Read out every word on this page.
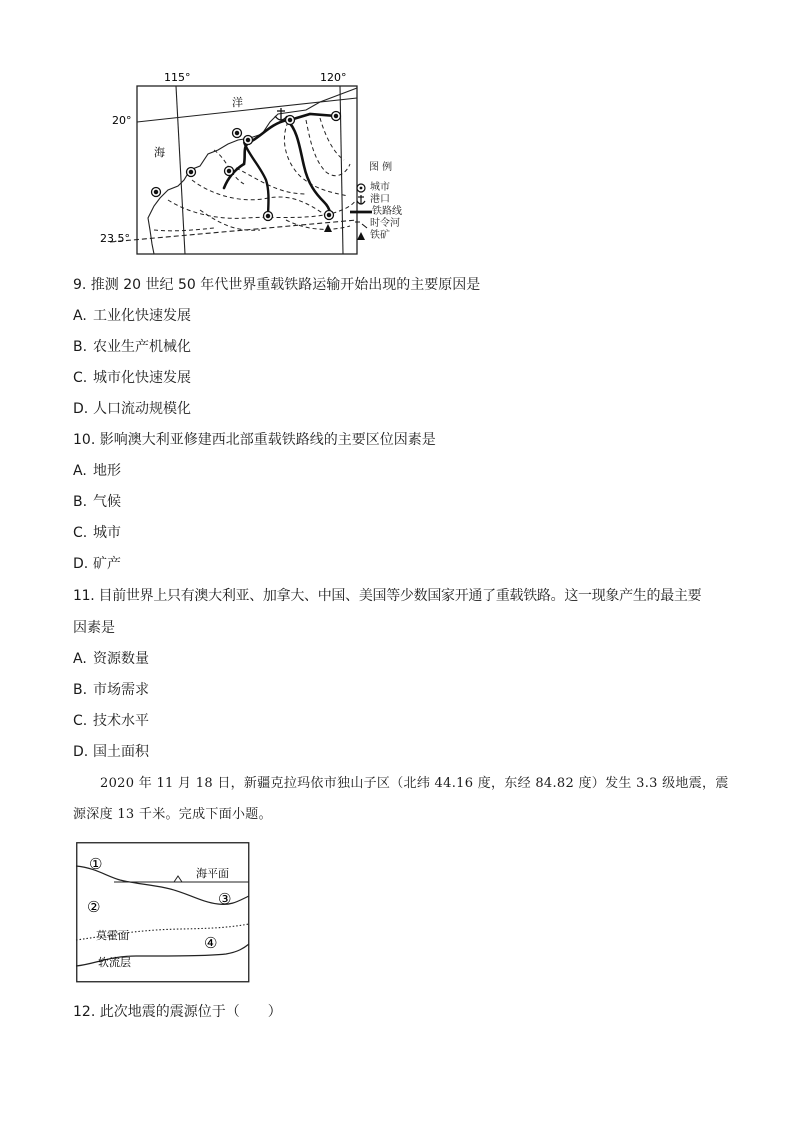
115°	120°
20°
23.5°
洋
海
图 例
城市
港口
铁路线
时令河
铁矿
9. 推测 20 世纪 50 年代世界重载铁路运输开始出现的主要原因是
A. 工业化快速发展
B. 农业生产机械化
C. 城市化快速发展
D. 人口流动规模化
10. 影响澳大利亚修建西北部重载铁路线的主要区位因素是
A. 地形
B. 气候
C. 城市
D. 矿产
11. 目前世界上只有澳大利亚、加拿大、中国、美国等少数国家开通了重载铁路。这一现象产生的最主要
因素是
A. 资源数量
B. 市场需求
C. 技术水平
D. 国土面积
2020 年 11 月 18 日，新疆克拉玛依市独山子区（北纬 44.16 度，东经 84.82 度）发生 3.3 级地震，震
源深度 13 千米。完成下面小题。
①
②	③
④
海平面
莫霍面
软流层
12. 此次地震的震源位于（　　）
